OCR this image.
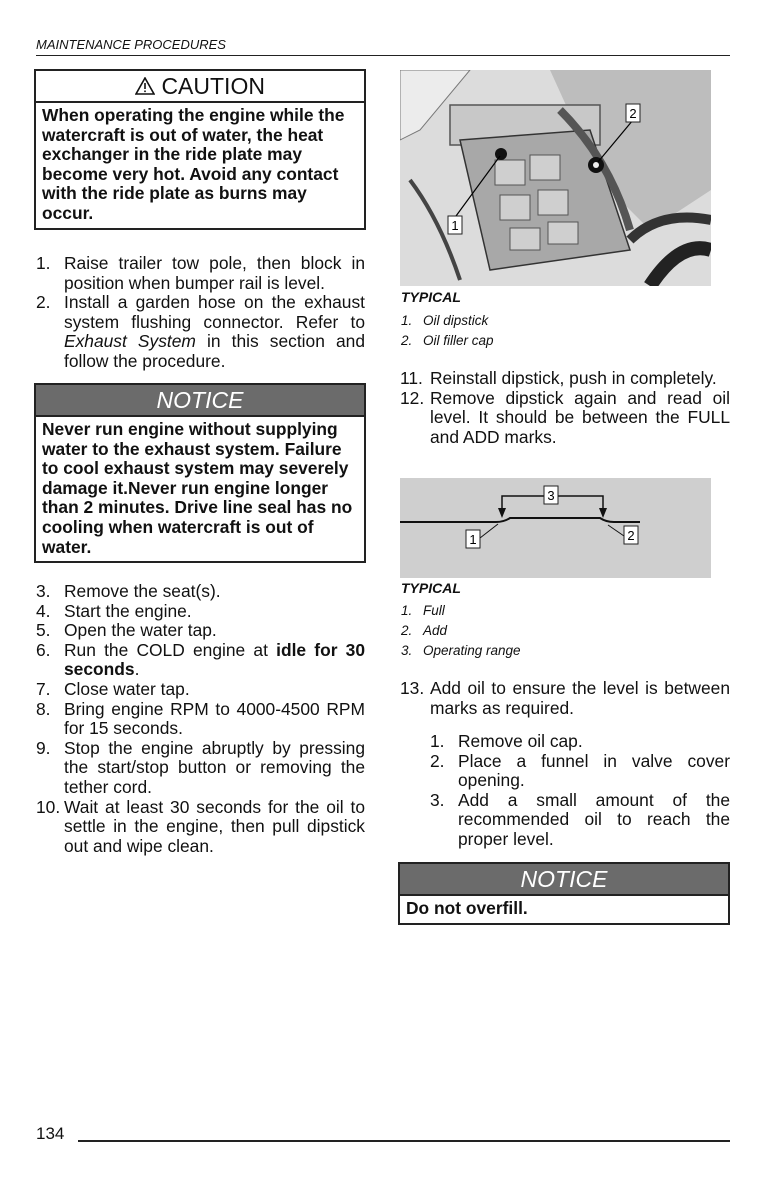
MAINTENANCE PROCEDURES
CAUTION
When operating the engine while the watercraft is out of water, the heat exchanger in the ride plate may become very hot. Avoid any contact with the ride plate as burns may occur.
1. Raise trailer tow pole, then block in position when bumper rail is level.
2. Install a garden hose on the exhaust system flushing connector. Refer to Exhaust System in this section and follow the procedure.
NOTICE
Never run engine without supplying water to the exhaust system. Failure to cool exhaust system may severely damage it.Never run engine longer than 2 minutes. Drive line seal has no cooling when watercraft is out of water.
3. Remove the seat(s).
4. Start the engine.
5. Open the water tap.
6. Run the COLD engine at idle for 30 seconds.
7. Close water tap.
8. Bring engine RPM to 4000-4500 RPM for 15 seconds.
9. Stop the engine abruptly by pressing the start/stop button or removing the tether cord.
10. Wait at least 30 seconds for the oil to settle in the engine, then pull dipstick out and wipe clean.
1
2
TYPICAL
1. Oil dipstick
2. Oil filler cap
11. Reinstall dipstick, push in completely.
12. Remove dipstick again and read oil level. It should be between the FULL and ADD marks.
3
1	2
TYPICAL
1. Full
2. Add
3. Operating range
13. Add oil to ensure the level is between marks as required.
1. Remove oil cap.
2. Place a funnel in valve cover opening.
3. Add a small amount of the recommended oil to reach the proper level.
NOTICE
Do not overfill.
134
